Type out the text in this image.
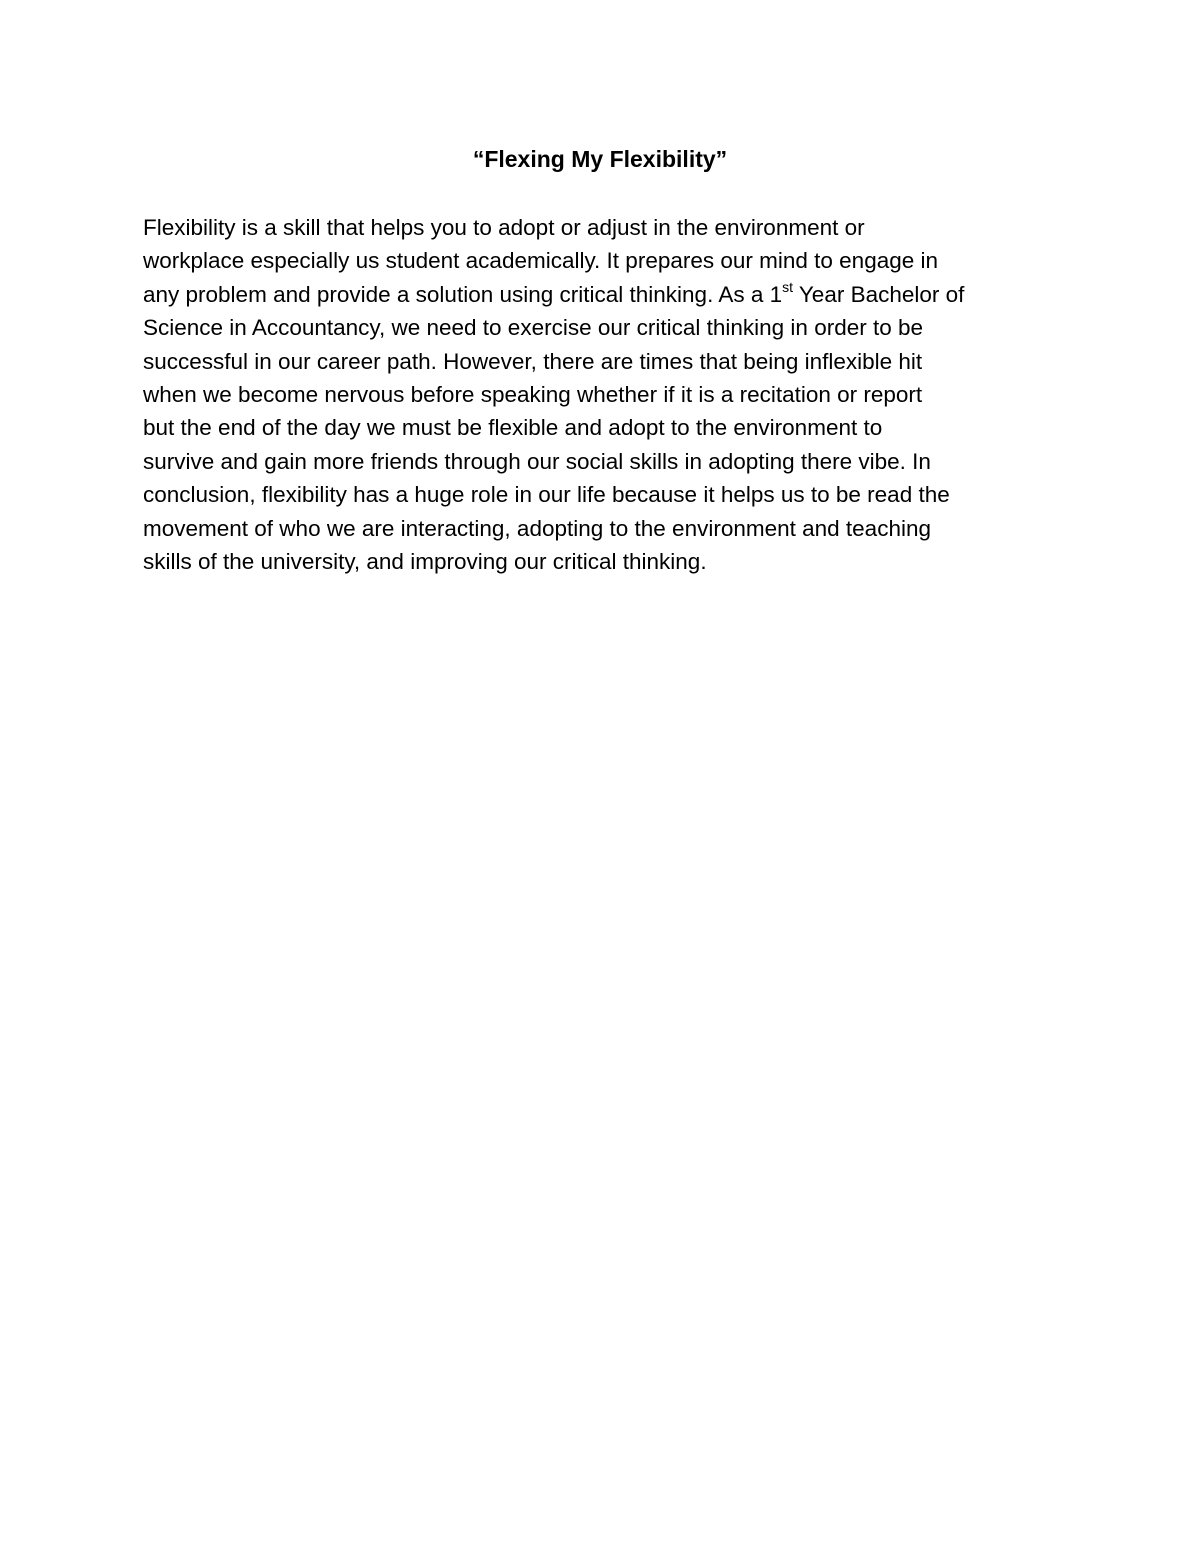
“Flexing My Flexibility”
Flexibility is a skill that helps you to adopt or adjust in the environment or
workplace especially us student academically. It prepares our mind to engage in
any problem and provide a solution using critical thinking. As a 1st Year Bachelor of
Science in Accountancy, we need to exercise our critical thinking in order to be
successful in our career path. However, there are times that being inflexible hit
when we become nervous before speaking whether if it is a recitation or report
but the end of the day we must be flexible and adopt to the environment to
survive and gain more friends through our social skills in adopting there vibe. In
conclusion, flexibility has a huge role in our life because it helps us to be read the
movement of who we are interacting, adopting to the environment and teaching
skills of the university, and improving our critical thinking.
